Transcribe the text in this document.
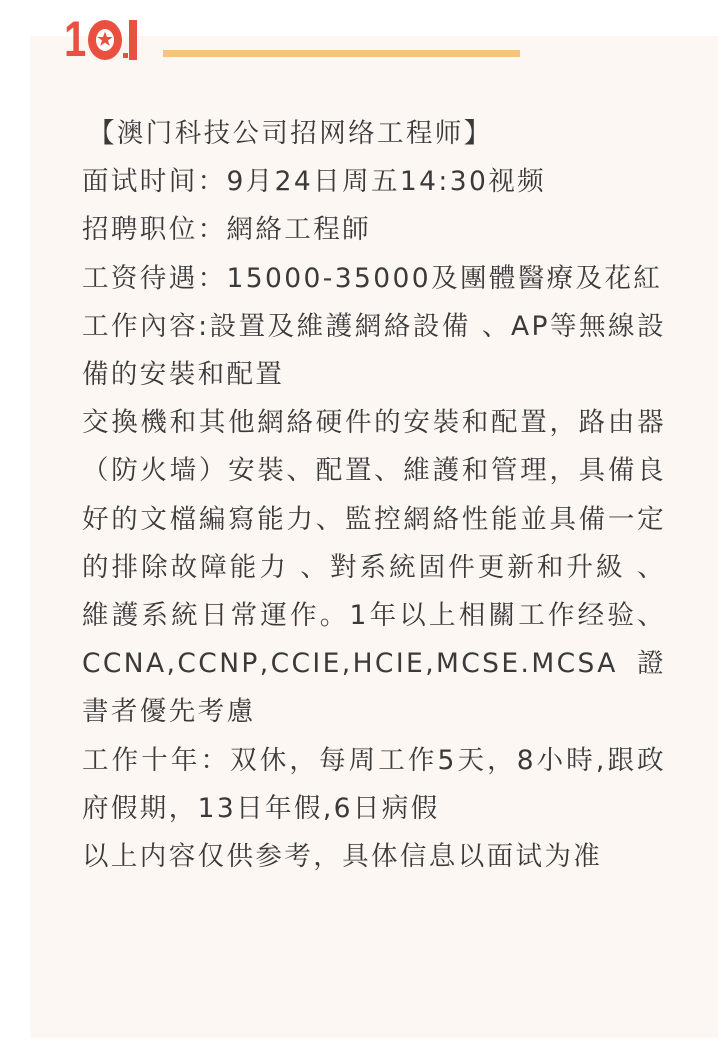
1

【澳门科技公司招网络工程师】

面试时间：9月24日周五14:30视频

招聘职位：網絡工程師

工资待遇：15000-35000及團體醫療及花紅

工作內容:設置及維護網絡設備 、AP等無線設備的安裝和配置

交換機和其他網絡硬件的安裝和配置，路由器（防火墙）安裝、配置、維護和管理，具備良好的文檔編寫能力、監控網絡性能並具備一定的排除故障能力 、對系統固件更新和升級 、維護系統日常運作。1年以上相關工作经验、CCNA,CCNP,CCIE,HCIE,MCSE.MCSA證書者優先考慮

工作十年：双休，每周工作5天，8小時,跟政府假期，13日年假,6日病假

以上内容仅供参考，具体信息以面试为准
